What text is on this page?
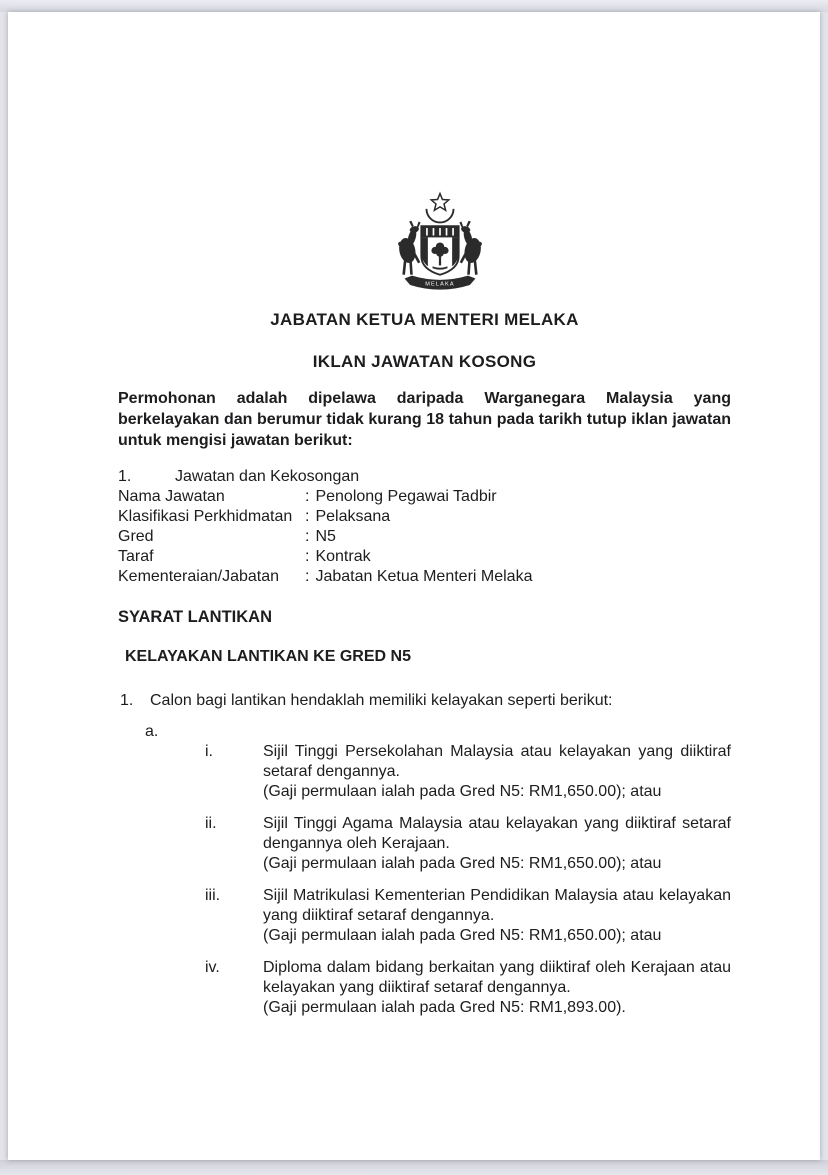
MELAKA
JABATAN KETUA MENTERI MELAKA
IKLAN JAWATAN KOSONG

Permohonan adalah dipelawa daripada Warganegara Malaysia yang berkelayakan dan berumur tidak kurang 18 tahun pada tarikh tutup iklan jawatan untuk mengisi jawatan berikut:

1.	Jawatan dan Kekosongan
Nama Jawatan	: Penolong Pegawai Tadbir
Klasifikasi Perkhidmatan : Pelaksana
Gred	: N5
Taraf	: Kontrak
Kementeraian/Jabatan	: Jabatan Ketua Menteri Melaka
SYARAT LANTIKAN
KELAYAKAN LANTIKAN KE GRED N5
1.	Calon bagi lantikan hendaklah memiliki kelayakan seperti berikut:
a.
i.	Sijil Tinggi Persekolahan Malaysia atau kelayakan yang diiktiraf setaraf dengannya.
(Gaji permulaan ialah pada Gred N5: RM1,650.00); atau
ii.	Sijil Tinggi Agama Malaysia atau kelayakan yang diiktiraf setaraf dengannya oleh Kerajaan.
(Gaji permulaan ialah pada Gred N5: RM1,650.00); atau
iii.	Sijil Matrikulasi Kementerian Pendidikan Malaysia atau kelayakan yang diiktiraf setaraf dengannya.
(Gaji permulaan ialah pada Gred N5: RM1,650.00); atau
iv.	Diploma dalam bidang berkaitan yang diiktiraf oleh Kerajaan atau kelayakan yang diiktiraf setaraf dengannya.
(Gaji permulaan ialah pada Gred N5: RM1,893.00).
